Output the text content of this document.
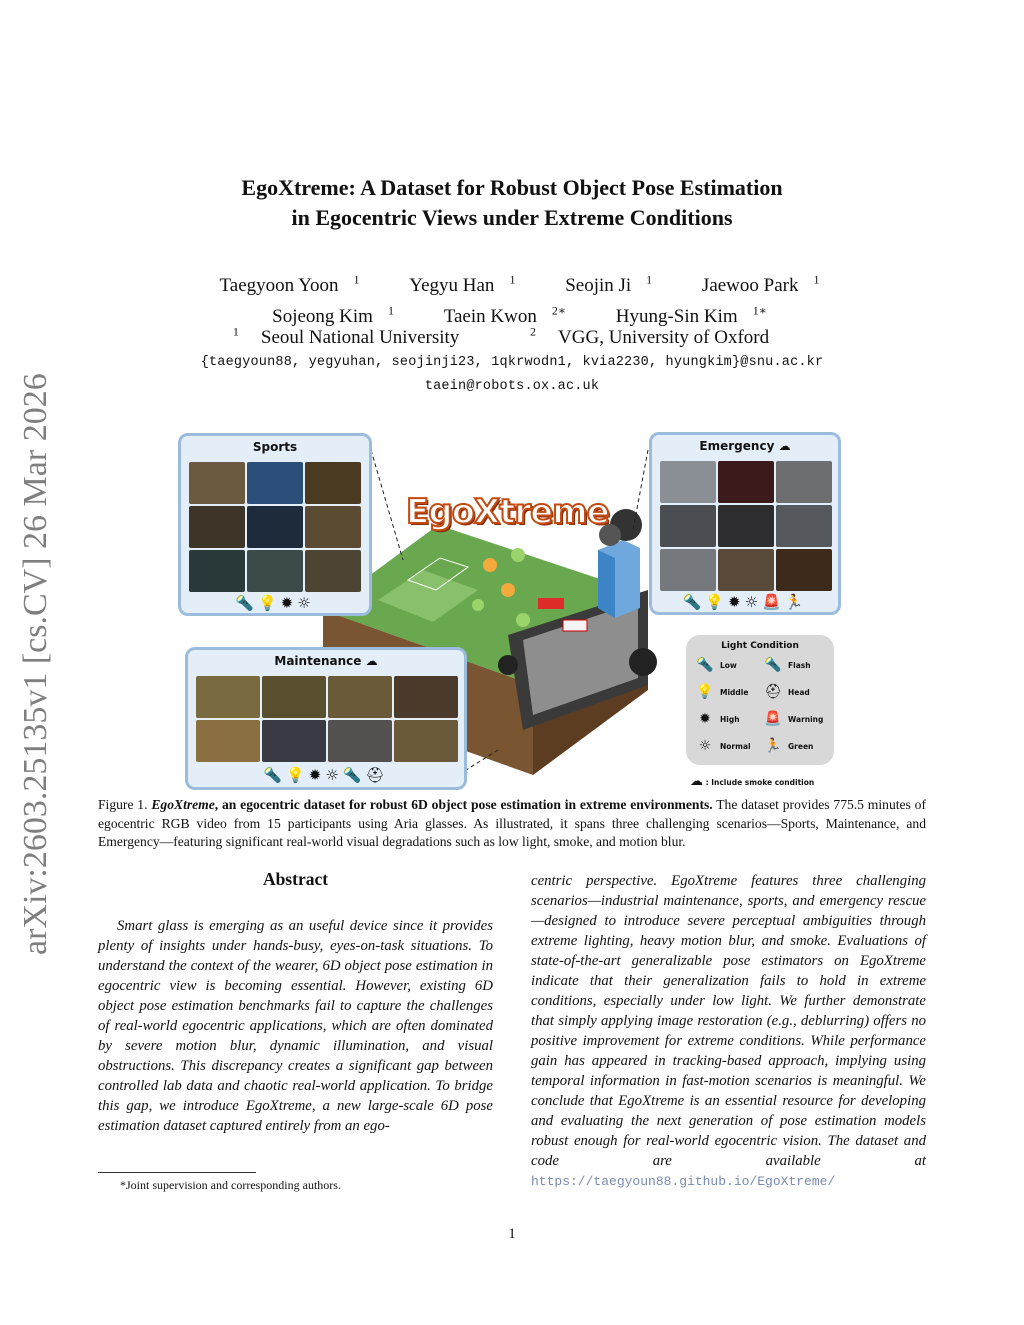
arXiv:2603.25135v1 [cs.CV] 26 Mar 2026
EgoXtreme: A Dataset for Robust Object Pose Estimation
in Egocentric Views under Extreme Conditions
Taegyoon Yoon $^1$	Yegyu Han $^1$	Seojin Ji $^1$	Jaewoo Park $^1$
Sojeong Kim $^1$	Taein Kwon $^{2∗}$	Hyung-Sin Kim $^{1∗}$
$^1$ Seoul National University	$^2$ VGG, University of Oxford
{taegyoun88, yegyuhan, seojinji23, 1qkrwodn1, kvia2230, hyungkim}@snu.ac.kr
taein@robots.ox.ac.uk
EgoXtreme
Sports
🔦💡✹☼
Emergency ☁
🔦💡✹☼🚨🏃
Maintenance ☁
🔦💡✹☼🔦⛑
Light Condition
🔦 Low 🔦 Flash
💡 Middle ⛑ Head
✹	High 🚨 Warning
☼	Normal 🏃 Green
☁ : Include smoke condition
Figure 1. EgoXtreme, an egocentric dataset for robust 6D object pose estimation in extreme environments. The dataset provides 775.5 minutes of egocentric RGB video from 15 participants using Aria glasses. As illustrated, it spans three challenging scenarios—Sports, Maintenance, and Emergency—featuring significant real-world visual degradations such as low light, smoke, and motion blur.
Abstract
Smart glass is emerging as an useful device since it provides plenty of insights under hands-busy, eyes-on-task situations. To understand the context of the wearer, 6D object pose estimation in egocentric view is becoming essential. However, existing 6D object pose estimation benchmarks fail to capture the challenges of real-world egocentric applications, which are often dominated by severe motion blur, dynamic illumination, and visual obstructions. This discrepancy creates a significant gap between controlled lab data and chaotic real-world application. To bridge this gap, we introduce EgoXtreme, a new large-scale 6D pose estimation dataset captured entirely from an ego-
centric perspective. EgoXtreme features three challenging scenarios—industrial maintenance, sports, and emergency rescue—designed to introduce severe perceptual ambiguities through extreme lighting, heavy motion blur, and smoke. Evaluations of state-of-the-art generalizable pose estimators on EgoXtreme indicate that their generalization fails to hold in extreme conditions, especially under low light. We further demonstrate that simply applying image restoration (e.g., deblurring) offers no positive improvement for extreme conditions. While performance gain has appeared in tracking-based approach, implying using temporal information in fast-motion scenarios is meaningful. We conclude that EgoXtreme is an essential resource for developing and evaluating the next generation of pose estimation models robust enough for real-world egocentric vision. The dataset and code are available at https://taegyoun88.github.io/EgoXtreme/
*Joint supervision and corresponding authors.
1
